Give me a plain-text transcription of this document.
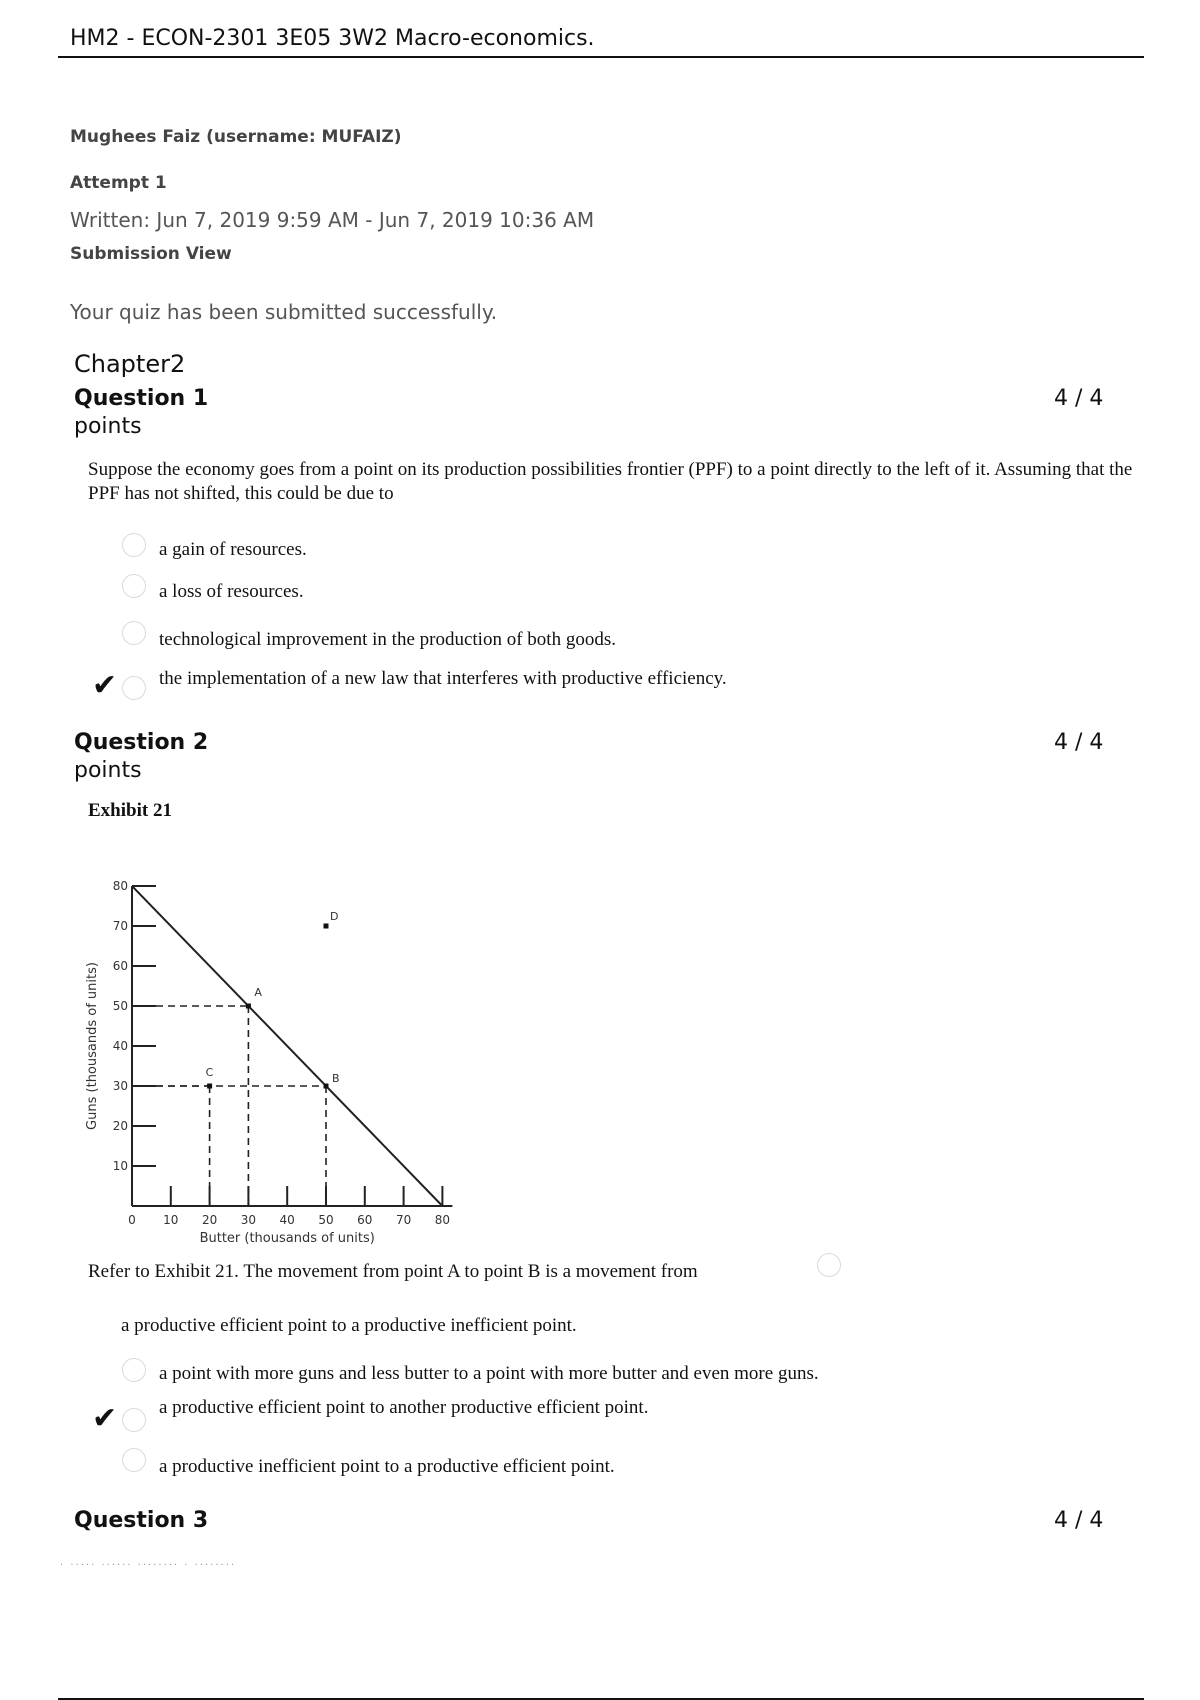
HM2 - ECON-2301 3E05 3W2 Macro-economics.
Mughees Faiz (username: MUFAIZ)
Attempt 1
Written: Jun 7, 2019 9:59 AM - Jun 7, 2019 10:36 AM
Submission View
Your quiz has been submitted successfully.
Chapter2
Question 1
points
4 / 4
Suppose the economy goes from a point on its production possibilities frontier (PPF) to a point directly to the left of it. Assuming that the PPF has not shifted, this could be due to
a gain of resources.
a loss of resources.
technological improvement in the production of both goods.
✔ the implementation of a new law that interferes with productive efficiency.
Question 2
points
4 / 4
Exhibit 21
10
20
30
40
50
60
70
80
0 10 20 30 40 50 60 70 80
Butter (thousands of units)
Guns (thousands of units)	A
B
C
D
Refer to Exhibit 21. The movement from point A to point B is a movement from
a productive efficient point to a productive inefficient point.
a point with more guns and less butter to a point with more butter and even more guns.
✔ a productive efficient point to another productive efficient point.
a productive inefficient point to a productive efficient point.
Question 3	4 / 4
. ..... ...... ........ . ........
